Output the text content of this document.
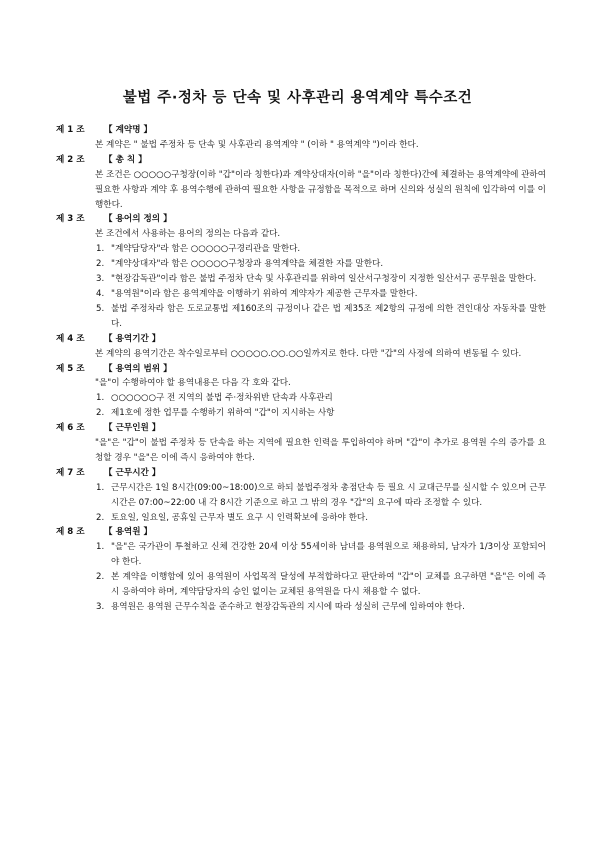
불법 주·정차 등 단속 및 사후관리 용역계약 특수조건
제 1 조 【 계약명 】
본 계약은 " 불법 주정차 등 단속 및 사후관리 용역계약 " (이하 " 용역계약 ")이라 한다.
제 2 조 【 총 칙 】
본 조건은 ○○○○○구청장(이하 "갑"이라 칭한다)과 계약상대자(이하 "을"이라 칭한다)간에 체결하는 용역계약에 관하여 필요한 사항과 계약 후 용역수행에 관하여 필요한 사항을 규정함을 목적으로 하며 신의와 성실의 원칙에 입각하여 이를 이행한다.
제 3 조 【 용어의 정의 】
본 조건에서 사용하는 용어의 정의는 다음과 같다.
1. "계약담당자"라 함은 ○○○○○구경리관을 말한다.
2. "계약상대자"라 함은 ○○○○○구청장과 용역계약을 체결한 자를 말한다.
3. "현장감독관"이라 함은 불법 주정차 단속 및 사후관리를 위하여 일산서구청장이 지정한 일산서구 공무원을 말한다.
4. "용역원"이라 함은 용역계약을 이행하기 위하여 계약자가 제공한 근무자를 말한다.
5. 불법 주정차라 함은 도로교통법 제160조의 규정이나 같은 법 제35조 제2항의 규정에 의한 견인대상 자동차를 말한다.
제 4 조 【 용역기간 】
본 계약의 용역기간은 착수일로부터 ○○○○○.○○.○○일까지로 한다. 다만 "갑"의 사정에 의하여 변동될 수 있다.
제 5 조 【 용역의 범위 】
"을"이 수행하여야 할 용역내용은 다음 각 호와 같다.
1. ○○○○○○구 전 지역의 불법 주·정차위반 단속과 사후관리
2. 제1호에 정한 업무를 수행하기 위하여 "갑"이 지시하는 사항
제 6 조 【 근무인원 】
"을"은 "갑"이 불법 주정차 등 단속을 하는 지역에 필요한 인력을 투입하여야 하며 "갑"이 추가로 용역원 수의 증가를 요청할 경우 "을"은 이에 즉시 응하여야 한다.
제 7 조 【 근무시간 】
1. 근무시간은 1일 8시간(09:00~18:00)으로 하되 불법주정차 총점단속 등 필요 시 교대근무를 실시할 수 있으며 근무시간은 07:00~22:00 내 각 8시간 기준으로 하고 그 밖의 경우 "갑"의 요구에 따라 조정할 수 있다.
2. 토요일, 일요일, 공휴일 근무자 별도 요구 시 인력확보에 응하야 한다.
제 8 조 【 용역원 】
1. "을"은 국가관이 투철하고 신체 건강한 20세 이상 55세이하 남녀를 용역원으로 채용하되, 남자가 1/3이상 포함되어야 한다.
2. 본 계약을 이행함에 있어 용역원이 사업목적 달성에 부적합하다고 판단하여 "갑"이 교체를 요구하면 "을"은 이에 즉시 응하여야 하며, 계약담당자의 승인 없이는 교체된 용역원을 다시 채용할 수 없다.
3. 용역원은 용역원 근무수칙을 준수하고 현장감독관의 지시에 따라 성실히 근무에 임하여야 한다.
